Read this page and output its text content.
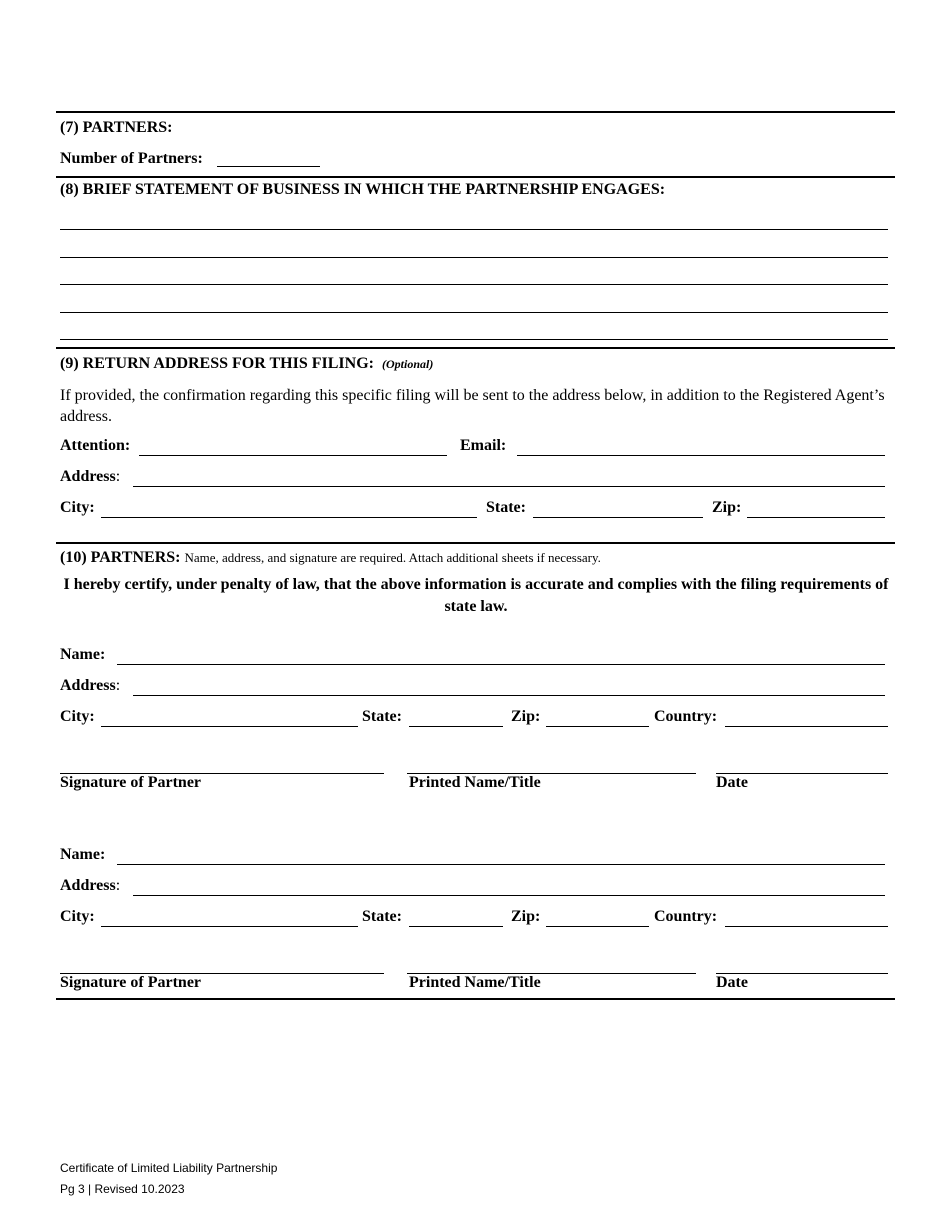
(7) PARTNERS:
Number of Partners:
(8) BRIEF STATEMENT OF BUSINESS IN WHICH THE PARTNERSHIP ENGAGES:
(9) RETURN ADDRESS FOR THIS FILING: (Optional)
If provided, the confirmation regarding this specific filing will be sent to the address below, in addition to the Registered Agent’s address.
Attention:	Email:
Address:
City:	State:	Zip:
(10) PARTNERS: Name, address, and signature are required. Attach additional sheets if necessary.
I hereby certify, under penalty of law, that the above information is accurate and complies with the filing requirements of state law.
Name:
Address:
City:	State:	Zip:	Country:
Signature of Partner	Printed Name/Title	Date
Name:
Address:
City:	State:	Zip:	Country:
Signature of Partner	Printed Name/Title	Date
Certificate of Limited Liability Partnership
Pg 3 | Revised 10.2023
